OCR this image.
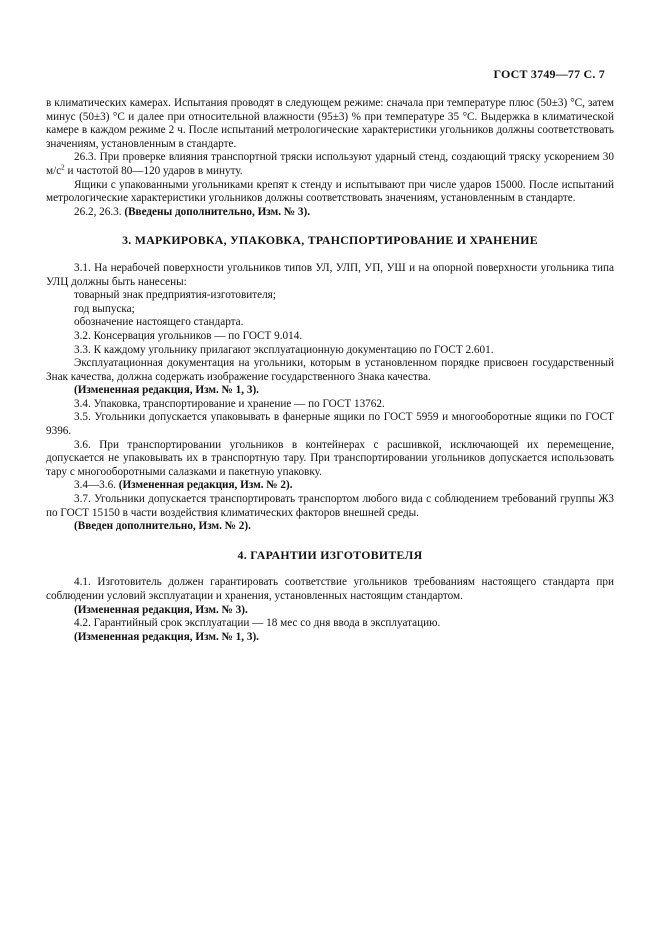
ГОСТ 3749—77 С. 7

в климатических камерах. Испытания проводят в следующем режиме: сначала при температуре плюс (50±3) °С, затем минус (50±3) °С и далее при относительной влажности (95±3) % при температуре 35 °С. Выдержка в климатической камере в каждом режиме 2 ч. После испытаний метрологические характеристики угольников должны соответствовать значениям, установленным в стандарте.

26.3. При проверке влияния транспортной тряски используют ударный стенд, создающий тряску ускорением 30 $м/с^2$ и частотой 80—120 ударов в минуту.

Ящики с упакованными угольниками крепят к стенду и испытывают при числе ударов 15000. После испытаний метрологические характеристики угольников должны соответствовать значениям, установленным в стандарте.

26.2, 26.3. (Введены дополнительно, Изм. № 3).

3. МАРКИРОВКА, УПАКОВКА, ТРАНСПОРТИРОВАНИЕ И ХРАНЕНИЕ

3.1. На нерабочей поверхности угольников типов УЛ, УЛП, УП, УШ и на опорной поверхности угольника типа УЛЦ должны быть нанесены:

товарный знак предприятия-изготовителя;

год выпуска;

обозначение настоящего стандарта.

3.2. Консервация угольников — по ГОСТ 9.014.

3.3. К каждому угольнику прилагают эксплуатационную документацию по ГОСТ 2.601.

Эксплуатационная документация на угольники, которым в установленном порядке присвоен государственный Знак качества, должна содержать изображение государственного Знака качества.

(Измененная редакция, Изм. № 1, 3).

3.4. Упаковка, транспортирование и хранение — по ГОСТ 13762.

3.5. Угольники допускается упаковывать в фанерные ящики по ГОСТ 5959 и многооборотные ящики по ГОСТ 9396.

3.6. При транспортировании угольников в контейнерах с расшивкой, исключающей их перемещение, допускается не упаковывать их в транспортную тару. При транспортировании угольников допускается использовать тару с многооборотными салазками и пакетную упаковку.

3.4—3.6. (Измененная редакция, Изм. № 2).

3.7. Угольники допускается транспортировать транспортом любого вида с соблюдением требований группы Ж3 по ГОСТ 15150 в части воздействия климатических факторов внешней среды.

(Введен дополнительно, Изм. № 2).

4. ГАРАНТИИ ИЗГОТОВИТЕЛЯ

4.1. Изготовитель должен гарантировать соответствие угольников требованиям настоящего стандарта при соблюдении условий эксплуатации и хранения, установленных настоящим стандартом.

(Измененная редакция, Изм. № 3).

4.2. Гарантийный срок эксплуатации — 18 мес со дня ввода в эксплуатацию.

(Измененная редакция, Изм. № 1, 3).
